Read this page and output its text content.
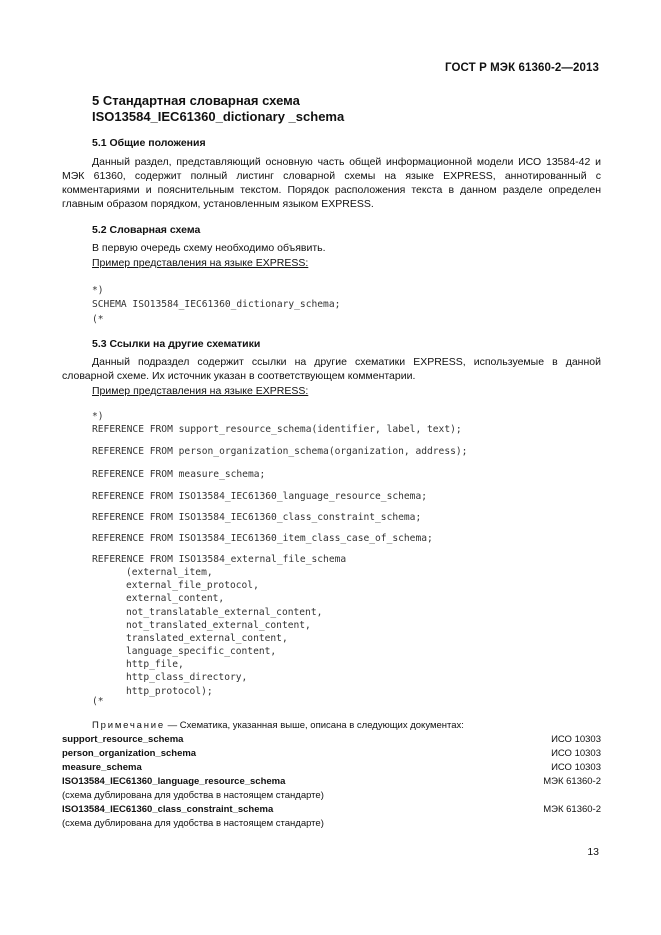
ГОСТ Р МЭК 61360-2—2013
5 Стандартная словарная схема
ISO13584_IEC61360_dictionary _schema
5.1 Общие положения

Данный раздел, представляющий основную часть общей информационной модели ИСО 13584-42 и МЭК 61360, содержит полный листинг словарной схемы на языке EXPRESS, аннотированный с комментариями и пояснительным текстом. Порядок расположения текста в данном разделе определен главным образом порядком, установленным языком EXPRESS.

5.2 Словарная схема
В первую очередь схему необходимо объявить.
Пример представления на языке EXPRESS:
*)
SCHEMA ISO13584_IEC61360_dictionary_schema;
(*
5.3 Ссылки на другие схематики

Данный подраздел содержит ссылки на другие схематики EXPRESS, используемые в данной словарной схеме. Их источник указан в соответствующем комментарии.

Пример представления на языке EXPRESS:
*)
REFERENCE FROM support_resource_schema(identifier, label, text);
REFERENCE FROM person_organization_schema(organization, address);
REFERENCE FROM measure_schema;
REFERENCE FROM ISO13584_IEC61360_language_resource_schema;
REFERENCE FROM ISO13584_IEC61360_class_constraint_schema;
REFERENCE FROM ISO13584_IEC61360_item_class_case_of_schema;
REFERENCE FROM ISO13584_external_file_schema
(external_item,
external_file_protocol,
external_content,
not_translatable_external_content,
not_translated_external_content,
translated_external_content,
language_specific_content,
http_file,
http_class_directory,
http_protocol);
(*
Примечание — Схематика, указанная выше, описана в следующих документах:
support_resource_schema	ИСО 10303
person_organization_schema	ИСО 10303
measure_schema	ИСО 10303
ISO13584_IEC61360_language_resource_schema	МЭК 61360-2
(схема дублирована для удобства в настоящем стандарте)
ISO13584_IEC61360_class_constraint_schema	МЭК 61360-2
(схема дублирована для удобства в настоящем стандарте)
13
